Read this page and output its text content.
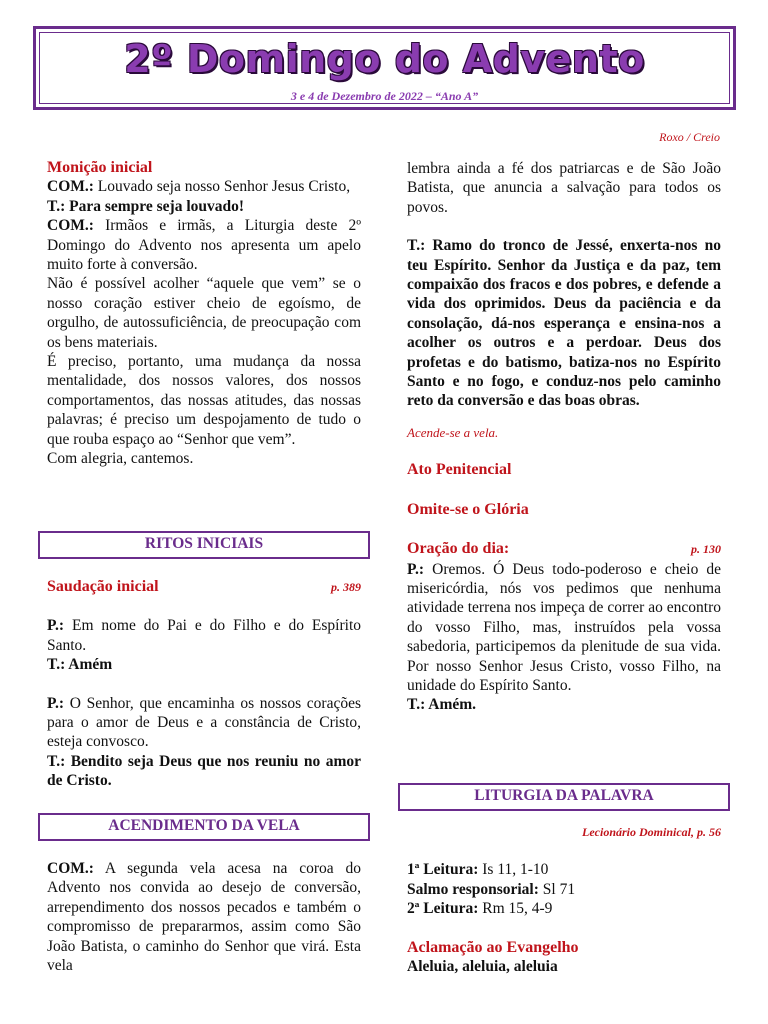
2º Domingo do Advento
3 e 4 de Dezembro de 2022 – “Ano A”
Roxo / Creio

Monição inicial

COM.: Louvado seja nosso Senhor Jesus Cristo,

T.: Para sempre seja louvado!

COM.: Irmãos e irmãs, a Liturgia deste 2º Domingo do Advento nos apresenta um apelo muito forte à conversão.

Não é possível acolher “aquele que vem” se o nosso coração estiver cheio de egoísmo, de orgulho, de autossuficiência, de preocupação com os bens materiais.

É preciso, portanto, uma mudança da nossa mentalidade, dos nossos valores, dos nossos comportamentos, das nossas atitudes, das nossas palavras; é preciso um despojamento de tudo o que rouba espaço ao “Senhor que vem”.

Com alegria, cantemos.

RITOS INICIAIS
Saudação inicial	p. 389

P.: Em nome do Pai e do Filho e do Espírito Santo.

T.: Amém

P.: O Senhor, que encaminha os nossos corações para o amor de Deus e a constância de Cristo, esteja convosco.

T.: Bendito seja Deus que nos reuniu no amor de Cristo.

ACENDIMENTO DA VELA

COM.: A segunda vela acesa na coroa do Advento nos convida ao desejo de conversão, arrependimento dos nossos pecados e também o compromisso de prepararmos, assim como São João Batista, o caminho do Senhor que virá. Esta vela

lembra ainda a fé dos patriarcas e de São João Batista, que anuncia a salvação para todos os povos.

T.: Ramo do tronco de Jessé, enxerta-nos no teu Espírito. Senhor da Justiça e da paz, tem compaixão dos fracos e dos pobres, e defende a vida dos oprimidos. Deus da paciência e da consolação, dá-nos esperança e ensina-nos a acolher os outros e a perdoar. Deus dos profetas e do batismo, batiza-nos no Espírito Santo e no fogo, e conduz-nos pelo caminho reto da conversão e das boas obras.

Acende-se a vela.

Ato Penitencial

Omite-se o Glória

Oração do dia:	p. 130

P.: Oremos. Ó Deus todo-poderoso e cheio de misericórdia, nós vos pedimos que nenhuma atividade terrena nos impeça de correr ao encontro do vosso Filho, mas, instruídos pela vossa sabedoria, participemos da plenitude de sua vida. Por nosso Senhor Jesus Cristo, vosso Filho, na unidade do Espírito Santo.

T.: Amém.

LITURGIA DA PALAVRA

Lecionário Dominical, p. 56

1ª Leitura: Is 11, 1-10

Salmo responsorial: Sl 71

2ª Leitura: Rm 15, 4-9

Aclamação ao Evangelho

Aleluia, aleluia, aleluia
